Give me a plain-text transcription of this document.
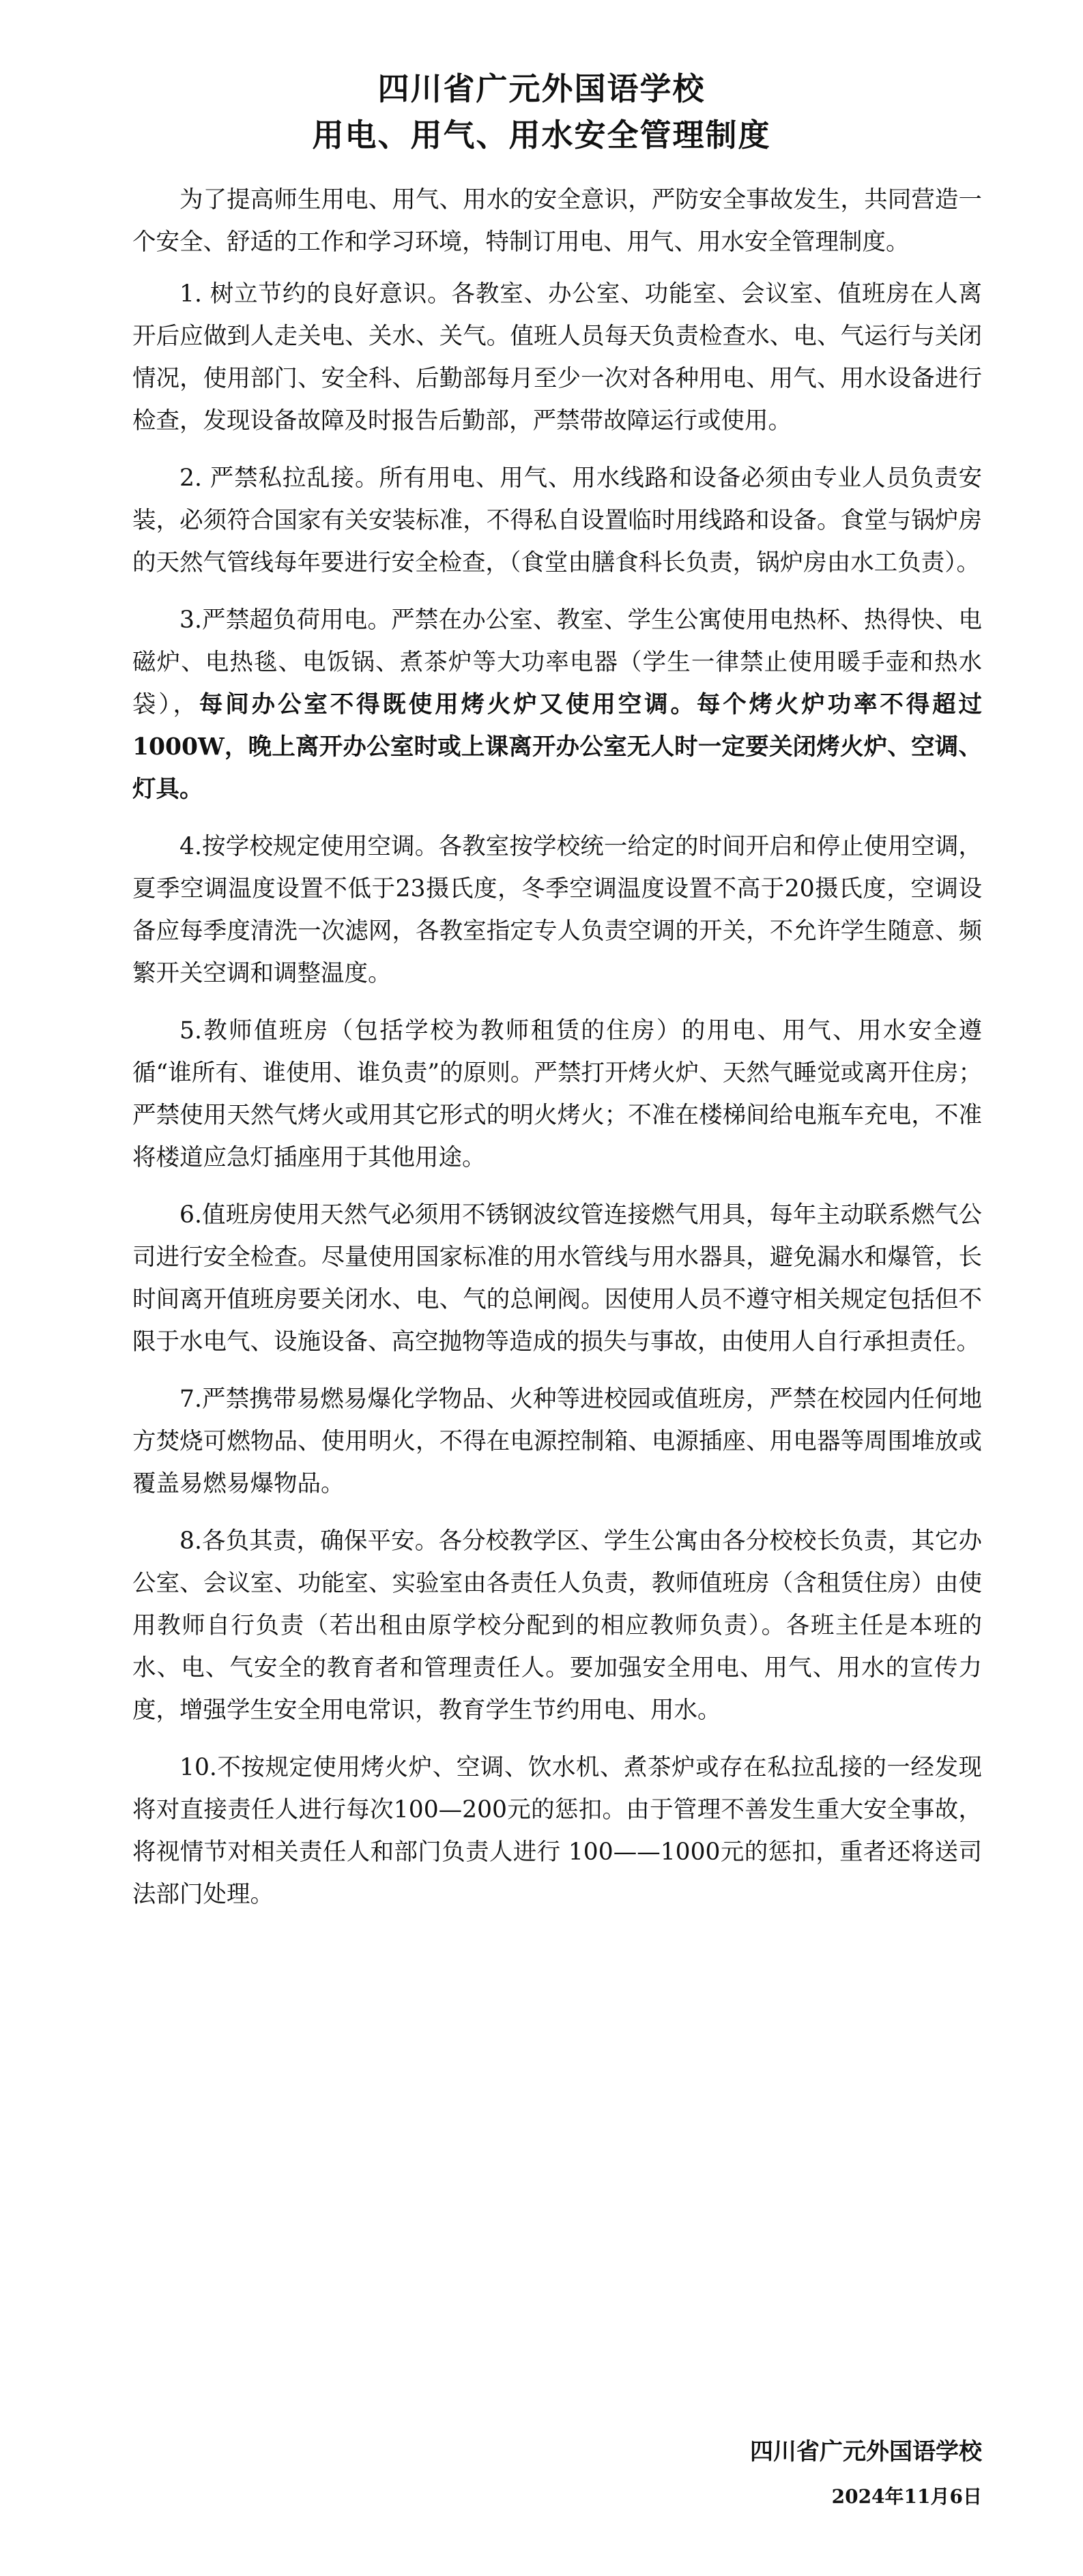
四川省广元外国语学校
用电、用气、用水安全管理制度

为了提高师生用电、用气、用水的安全意识，严防安全事故发生，共同营造一个安全、舒适的工作和学习环境，特制订用电、用气、用水安全管理制度。

1. 树立节约的良好意识。各教室、办公室、功能室、会议室、值班房在人离开后应做到人走关电、关水、关气。值班人员每天负责检查水、电、气运行与关闭情况，使用部门、安全科、后勤部每月至少一次对各种用电、用气、用水设备进行检查，发现设备故障及时报告后勤部，严禁带故障运行或使用。

2. 严禁私拉乱接。所有用电、用气、用水线路和设备必须由专业人员负责安装，必须符合国家有关安装标准，不得私自设置临时用线路和设备。食堂与锅炉房的天然气管线每年要进行安全检查，（食堂由膳食科长负责，锅炉房由水工负责）。

3.严禁超负荷用电。严禁在办公室、教室、学生公寓使用电热杯、热得快、电磁炉、电热毯、电饭锅、煮茶炉等大功率电器（学生一律禁止使用暖手壶和热水袋），每间办公室不得既使用烤火炉又使用空调。每个烤火炉功率不得超过1000W，晚上离开办公室时或上课离开办公室无人时一定要关闭烤火炉、空调、灯具。

4.按学校规定使用空调。各教室按学校统一给定的时间开启和停止使用空调，夏季空调温度设置不低于23摄氏度，冬季空调温度设置不高于20摄氏度，空调设备应每季度清洗一次滤网，各教室指定专人负责空调的开关，不允许学生随意、频繁开关空调和调整温度。

5.教师值班房（包括学校为教师租赁的住房）的用电、用气、用水安全遵循“谁所有、谁使用、谁负责”的原则。严禁打开烤火炉、天然气睡觉或离开住房；严禁使用天然气烤火或用其它形式的明火烤火；不准在楼梯间给电瓶车充电，不准将楼道应急灯插座用于其他用途。

6.值班房使用天然气必须用不锈钢波纹管连接燃气用具，每年主动联系燃气公司进行安全检查。尽量使用国家标准的用水管线与用水器具，避免漏水和爆管，长时间离开值班房要关闭水、电、气的总闸阀。因使用人员不遵守相关规定包括但不限于水电气、设施设备、高空抛物等造成的损失与事故，由使用人自行承担责任。

7.严禁携带易燃易爆化学物品、火种等进校园或值班房，严禁在校园内任何地方焚烧可燃物品、使用明火，不得在电源控制箱、电源插座、用电器等周围堆放或覆盖易燃易爆物品。

8.各负其责，确保平安。各分校教学区、学生公寓由各分校校长负责，其它办公室、会议室、功能室、实验室由各责任人负责，教师值班房（含租赁住房）由使用教师自行负责（若出租由原学校分配到的相应教师负责）。各班主任是本班的水、电、气安全的教育者和管理责任人。要加强安全用电、用气、用水的宣传力度，增强学生安全用电常识，教育学生节约用电、用水。

10.不按规定使用烤火炉、空调、饮水机、煮茶炉或存在私拉乱接的一经发现将对直接责任人进行每次100—200元的惩扣。由于管理不善发生重大安全事故， 将视情节对相关责任人和部门负责人进行 100——1000元的惩扣，重者还将送司法部门处理。

四川省广元外国语学校
2024年11月6日
